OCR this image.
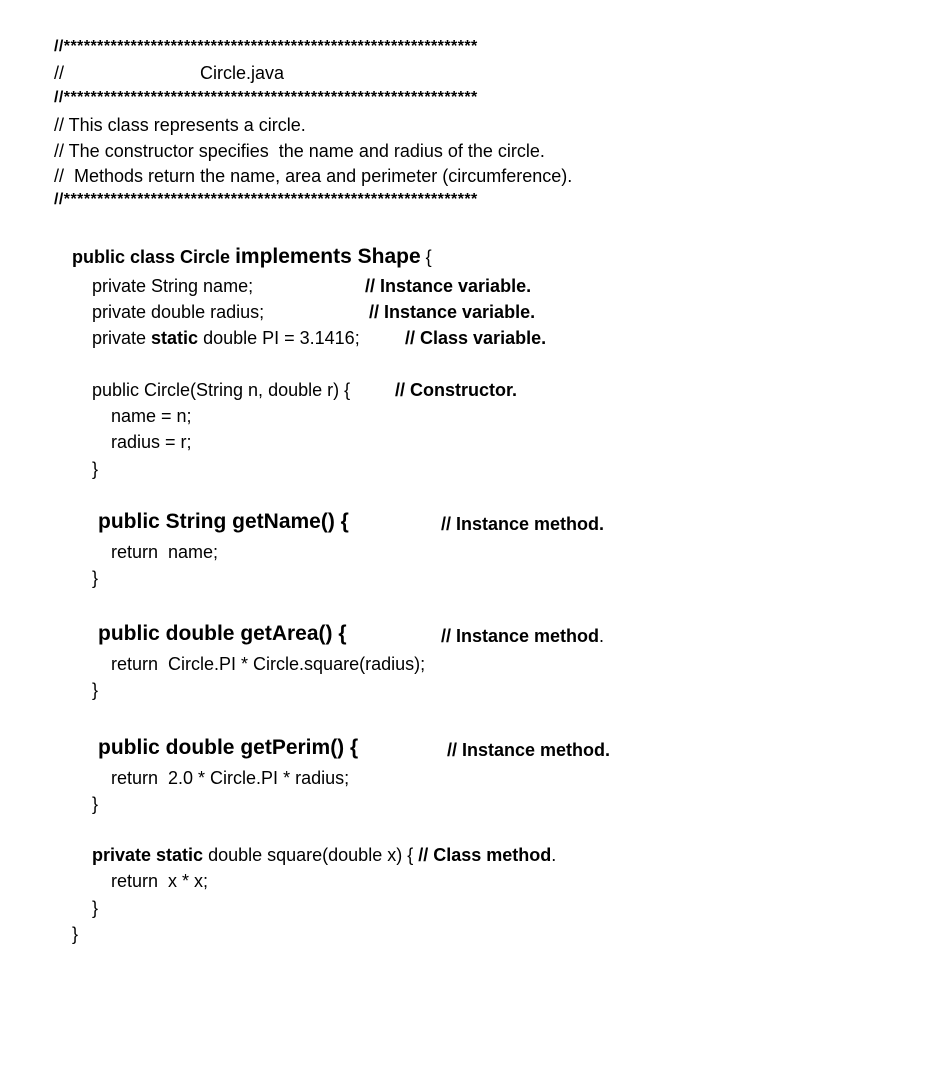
//**************************************************************
//	Circle.java
//**************************************************************
// This class represents a circle.
// The constructor specifies  the name and radius of the circle.
//  Methods return the name, area and perimeter (circumference).
//**************************************************************
public class Circle implements Shape {
private String name;	// Instance variable.
private double radius;	// Instance variable.
private static double PI = 3.1416;	// Class variable.
public Circle(String n, double r) { // Constructor.
name = n;
radius = r;
}
public String getName() {	// Instance method.
return  name;
}
public double getArea() {	// Instance method.
return  Circle.PI * Circle.square(radius);
}
public double getPerim() {	// Instance method.
return  2.0 * Circle.PI * radius;
}
private static double square(double x) { // Class method.
return  x * x;
}
}
